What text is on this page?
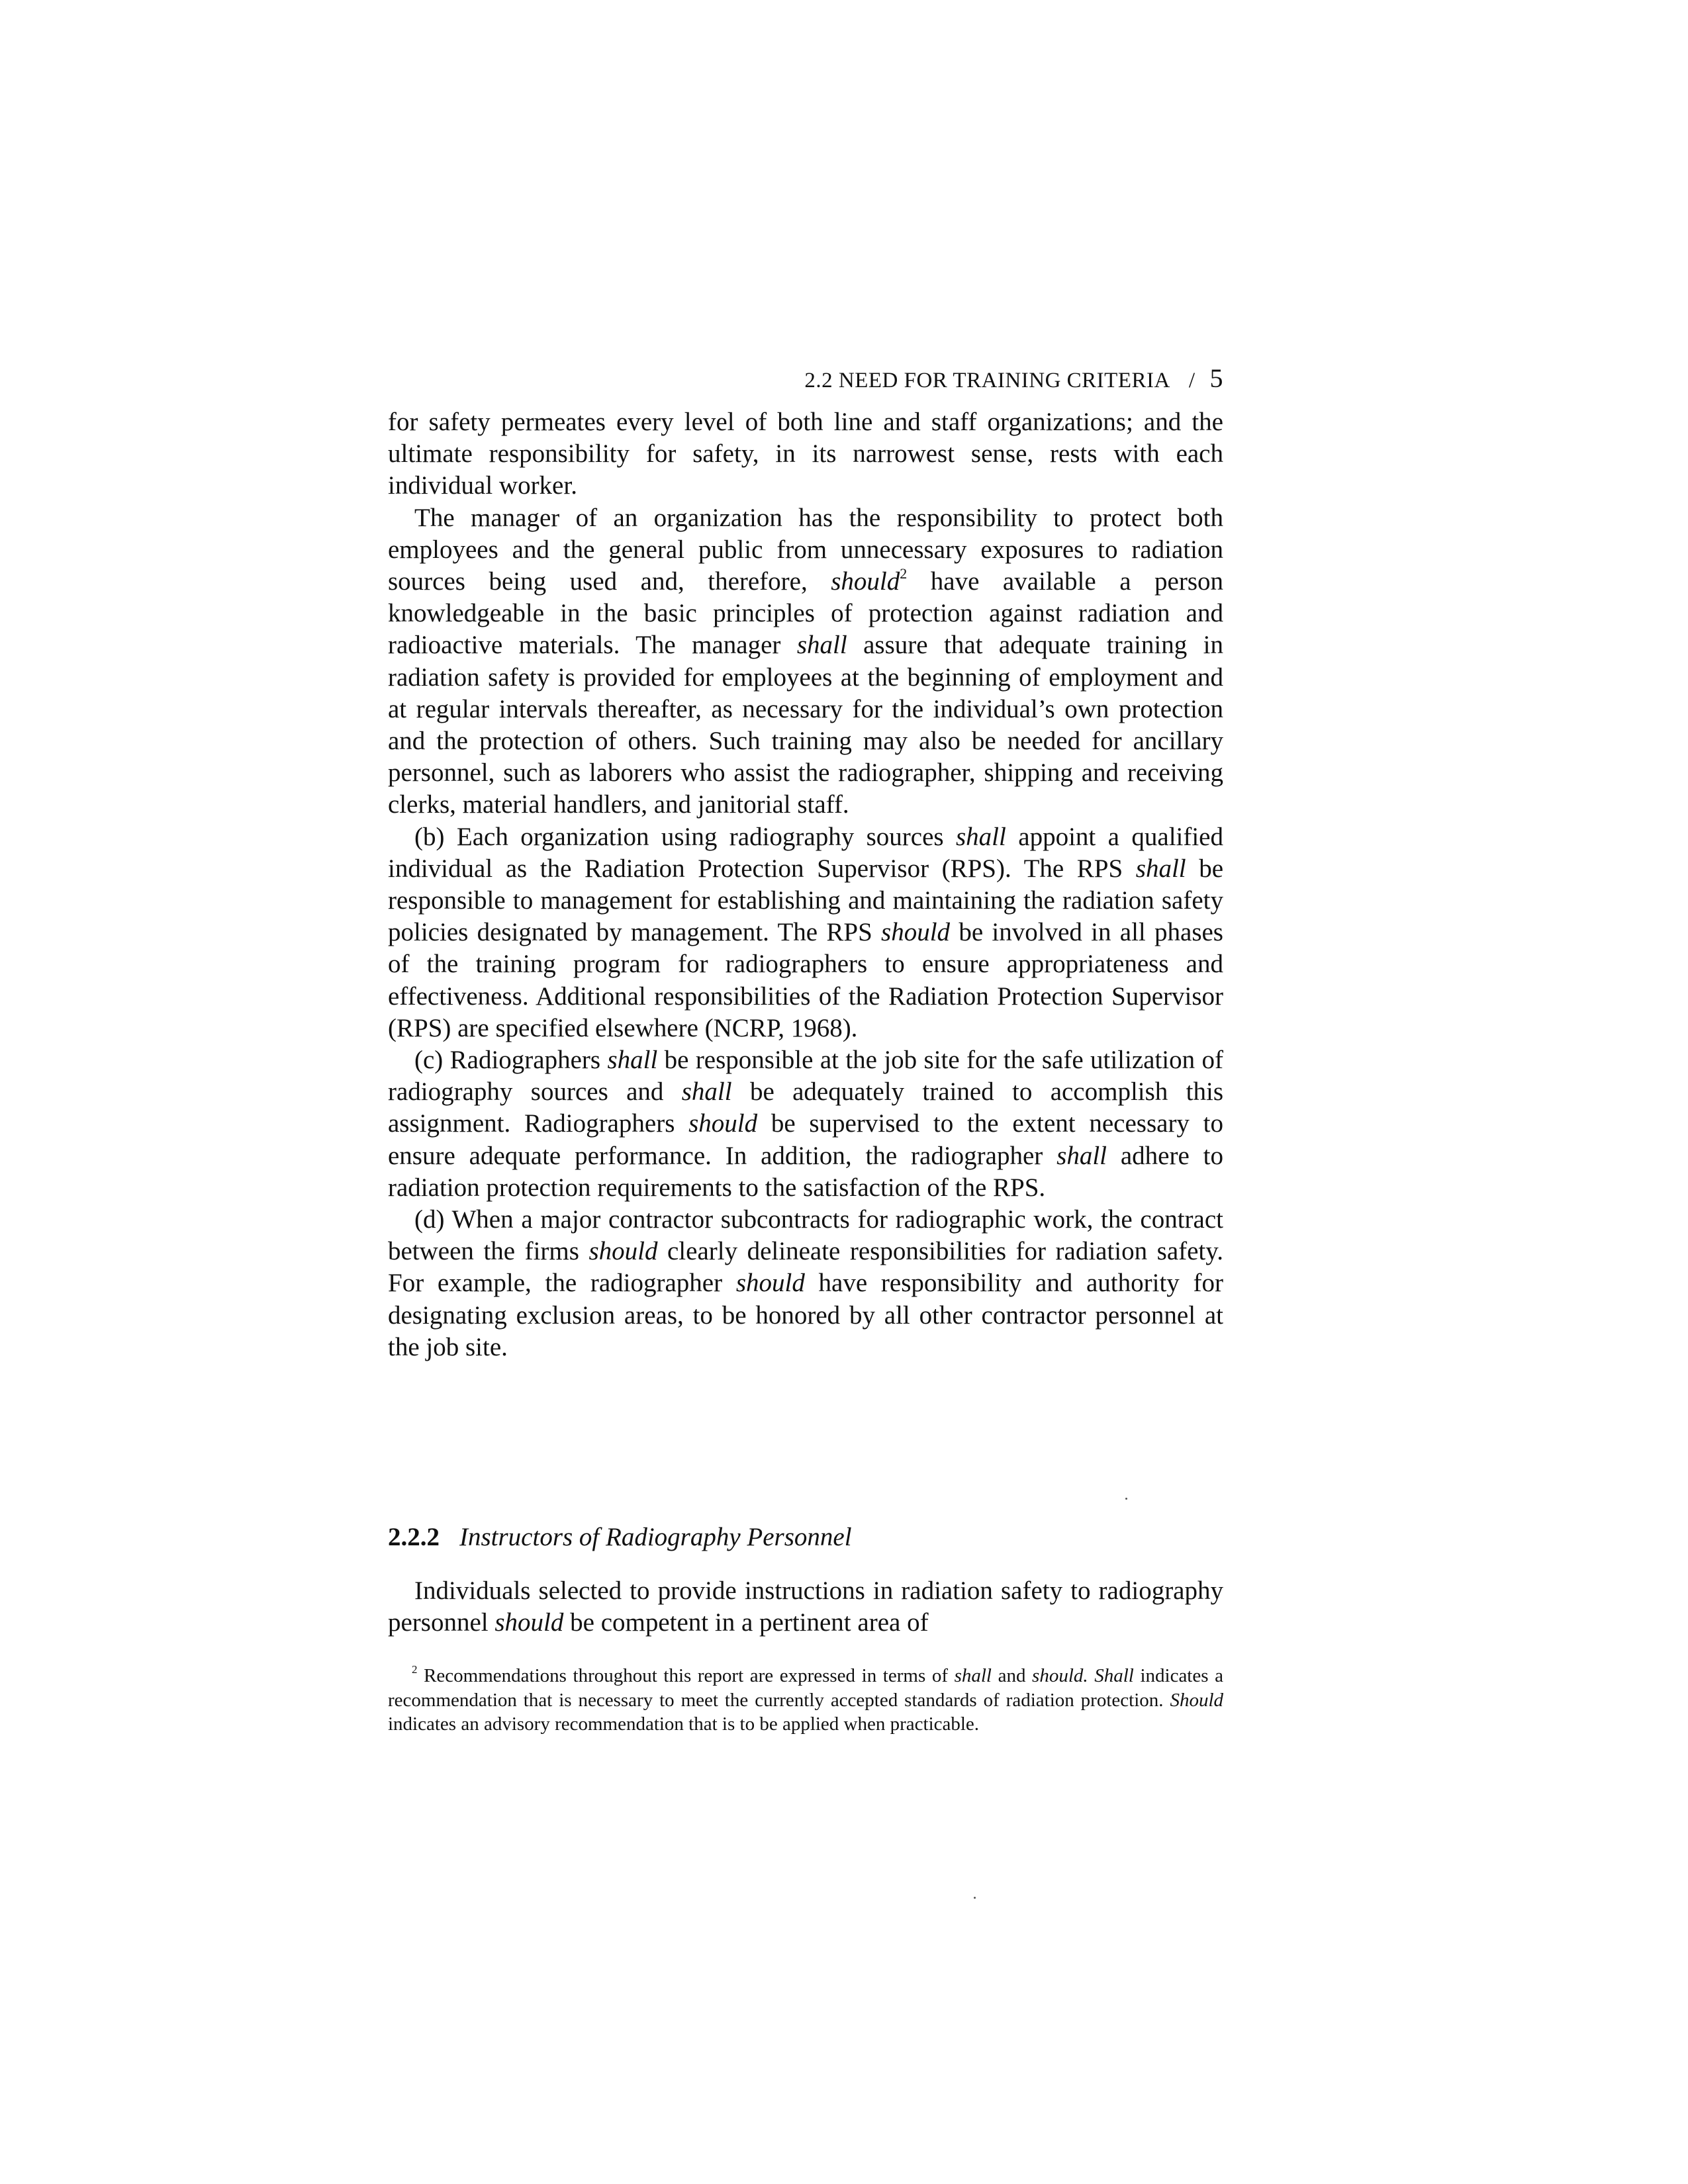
2.2 NEED FOR TRAINING CRITERIA / 5

for safety permeates every level of both line and staff organizations; and the ultimate responsibility for safety, in its narrowest sense, rests with each individual worker.

The manager of an organization has the responsibility to protect both employees and the general public from unnecessary exposures to radiation sources being used and, therefore, should$^2$ have available a person knowledgeable in the basic principles of protection against radiation and radioactive materials. The manager shall assure that adequate training in radiation safety is provided for employees at the beginning of employment and at regular intervals thereafter, as necessary for the individual’s own protection and the protection of others. Such training may also be needed for ancillary personnel, such as laborers who assist the radiographer, shipping and receiving clerks, material handlers, and janitorial staff.

(b) Each organization using radiography sources shall appoint a qualified individual as the Radiation Protection Supervisor (RPS). The RPS shall be responsible to management for establishing and maintaining the radiation safety policies designated by management. The RPS should be involved in all phases of the training program for radiographers to ensure appropriateness and effectiveness. Additional responsibilities of the Radiation Protection Supervisor (RPS) are specified elsewhere (NCRP, 1968).

(c) Radiographers shall be responsible at the job site for the safe utilization of radiography sources and shall be adequately trained to accomplish this assignment. Radiographers should be supervised to the extent necessary to ensure adequate performance. In addition, the radiographer shall adhere to radiation protection requirements to the satisfaction of the RPS.

(d) When a major contractor subcontracts for radiographic work, the contract between the firms should clearly delineate responsibilities for radiation safety. For example, the radiographer should have responsibility and authority for designating exclusion areas, to be honored by all other contractor personnel at the job site.

2.2.2 Instructors of Radiography Personnel

Individuals selected to provide instructions in radiation safety to radiography personnel should be competent in a pertinent area of

$^2$ Recommendations throughout this report are expressed in terms of shall and should. Shall indicates a recommendation that is necessary to meet the currently accepted standards of radiation protection. Should indicates an advisory recommendation that is to be applied when practicable.
